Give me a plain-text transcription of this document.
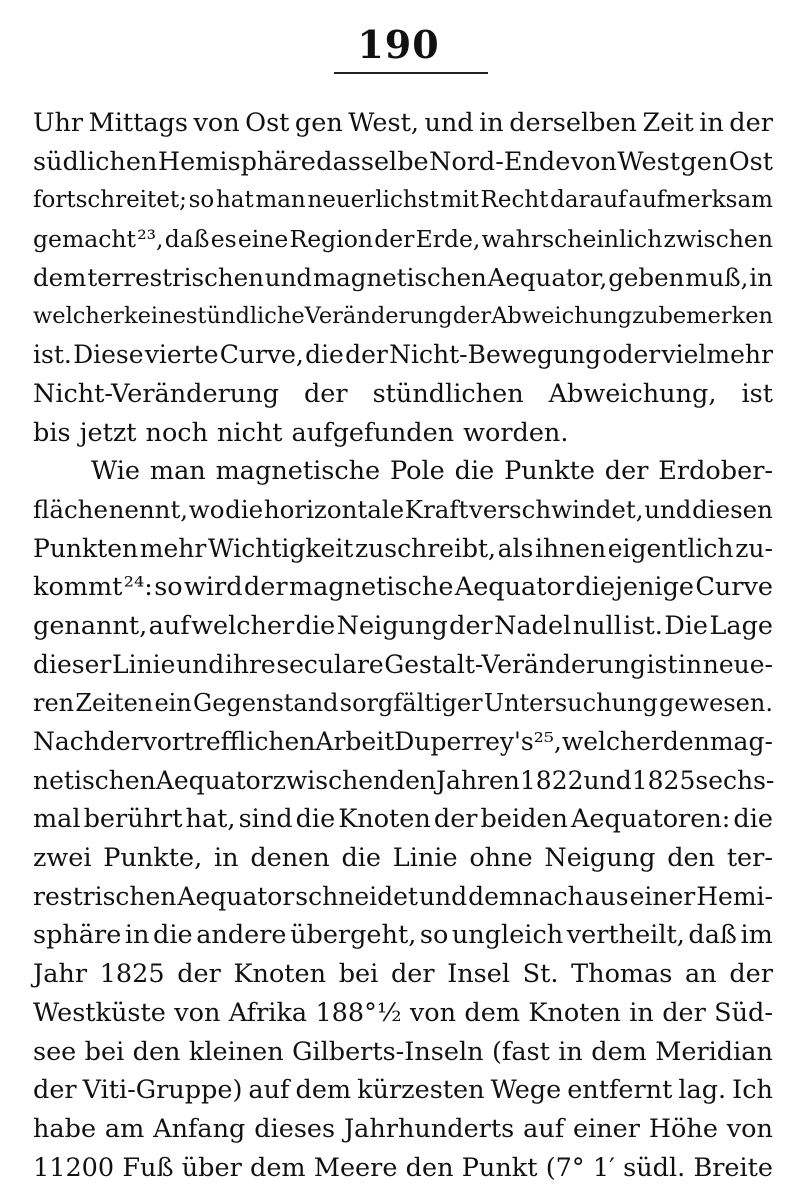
190
Uhr Mittags von Ost gen West, und in derselben Zeit in der
südlichen Hemisphäre dasselbe Nord-Ende von West gen Ost
fortschreitet; so hat man neuerlichst mit Recht darauf aufmerksam
gemacht ²³, daß es eine Region der Erde, wahrscheinlich zwischen
dem terrestrischen und magnetischen Aequator, geben muß, in
welcher keine stündliche Veränderung der Abweichung zu bemerken
ist. Diese vierte Curve, die der Nicht-Bewegung oder vielmehr
Nicht-Veränderung der stündlichen Abweichung, ist
bis jetzt noch nicht aufgefunden worden.
Wie man magnetische Pole die Punkte der Erdober-
fläche nennt, wo die horizontale Kraft verschwindet, und diesen
Punkten mehr Wichtigkeit zuschreibt, als ihnen eigentlich zu-
kommt ²⁴: so wird der magnetische Aequator diejenige Curve
genannt, auf welcher die Neigung der Nadel null ist. Die Lage
dieser Linie und ihre seculare Gestalt-Veränderung ist in neue-
ren Zeiten ein Gegenstand sorgfältiger Untersuchung gewesen.
Nach der vortrefflichen Arbeit Duperrey's ²⁵, welcher den mag-
netischen Aequator zwischen den Jahren 1822 und 1825 sechs-
mal berührt hat, sind die Knoten der beiden Aequatoren: die
zwei Punkte, in denen die Linie ohne Neigung den ter-
restrischen Aequator schneidet und demnach aus einer Hemi-
sphäre in die andere übergeht, so ungleich vertheilt, daß im
Jahr 1825 der Knoten bei der Insel St. Thomas an der
Westküste von Afrika 188°½ von dem Knoten in der Süd-
see bei den kleinen Gilberts-Inseln (fast in dem Meridian
der Viti-Gruppe) auf dem kürzesten Wege entfernt lag. Ich
habe am Anfang dieses Jahrhunderts auf einer Höhe von
11200 Fuß über dem Meere den Punkt (7° 1′ südl. Breite
